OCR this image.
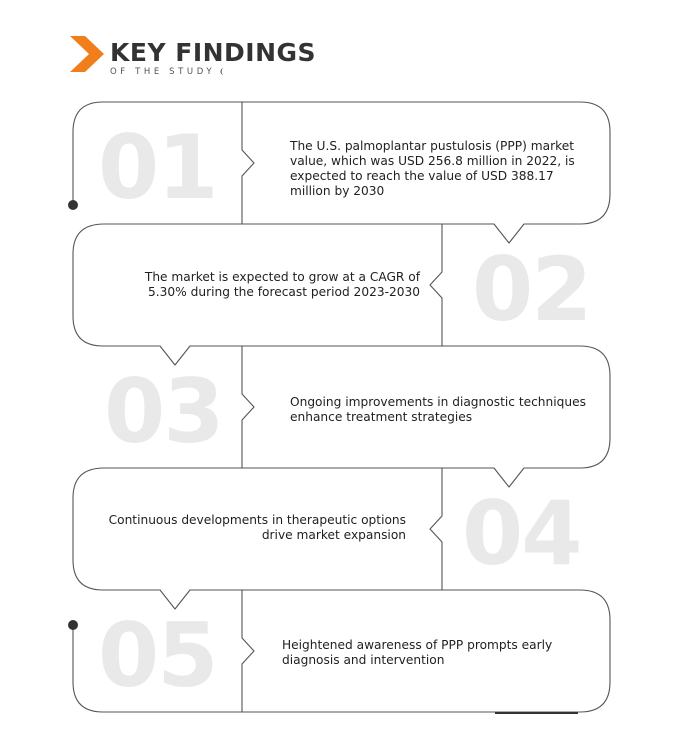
KEY FINDINGS
OF THE STUDY
01	The U.S. palmoplantar pustulosis (PPP) market value, which was USD 256.8 million in 2022, is expected to reach the value of USD 388.17 million by 2030
02
The market is expected to grow at a CAGR of 5.30% during the forecast period 2023-2030
03	Ongoing improvements in diagnostic techniques enhance treatment strategies
04
Continuous developments in therapeutic options drive market expansion
05	Heightened awareness of PPP prompts early diagnosis and intervention
